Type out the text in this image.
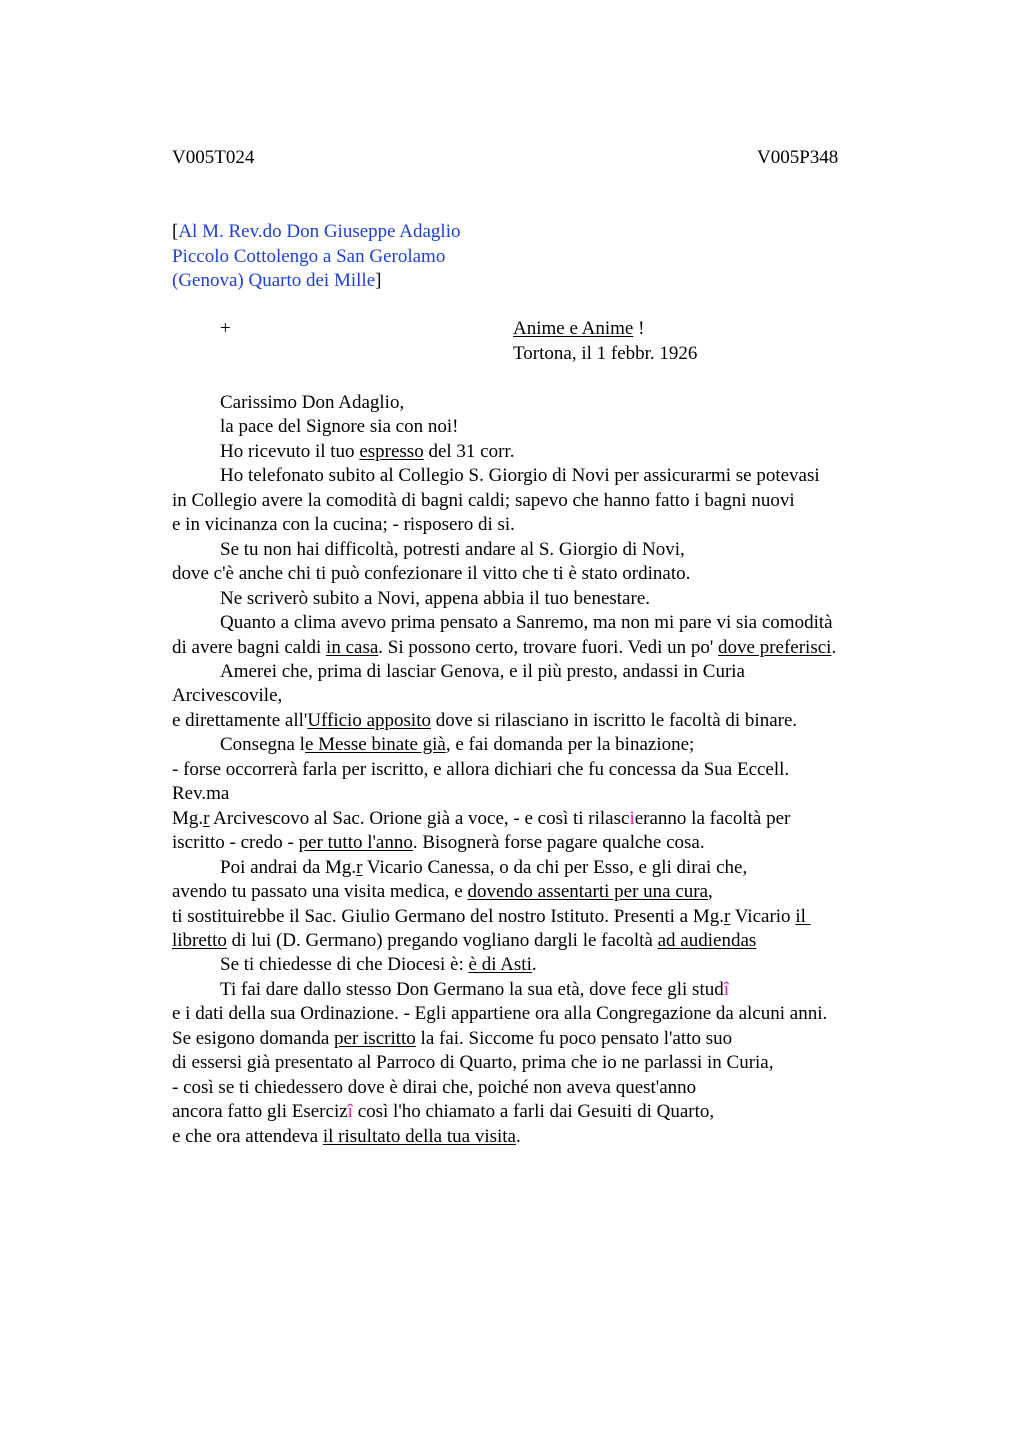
V005T024	V005P348
[Al M. Rev.do Don Giuseppe Adaglio
Piccolo Cottolengo a San Gerolamo
(Genova) Quarto dei Mille]
+	Anime e Anime !
Tortona, il 1 febbr. 1926
Carissimo Don Adaglio,
la pace del Signore sia con noi!
Ho ricevuto il tuo espresso del 31 corr.
Ho telefonato subito al Collegio S. Giorgio di Novi per assicurarmi se potevasi
in Collegio avere la comodità di bagni caldi; sapevo che hanno fatto i bagni nuovi
e in vicinanza con la cucina; - risposero di si.
Se tu non hai difficoltà, potresti andare al S. Giorgio di Novi,
dove c'è anche chi ti può confezionare il vitto che ti è stato ordinato.
Ne scriverò subito a Novi, appena abbia il tuo benestare.
Quanto a clima avevo prima pensato a Sanremo, ma non mi pare vi sia comodità
di avere bagni caldi in casa. Si possono certo, trovare fuori. Vedi un po' dove preferisci.
Amerei che, prima di lasciar Genova, e il più presto, andassi in Curia
Arcivescovile,
e direttamente all'Ufficio apposito dove si rilasciano in iscritto le facoltà di binare.
Consegna le Messe binate già, e fai domanda per la binazione;
- forse occorrerà farla per iscritto, e allora dichiari che fu concessa da Sua Eccell.
Rev.ma
Mg.r Arcivescovo al Sac. Orione già a voce, - e così ti rilascieranno la facoltà per
iscritto - credo - per tutto l'anno. Bisognerà forse pagare qualche cosa.
Poi andrai da Mg.r Vicario Canessa, o da chi per Esso, e gli dirai che,
avendo tu passato una visita medica, e dovendo assentarti per una cura,
ti sostituirebbe il Sac. Giulio Germano del nostro Istituto. Presenti a Mg.r Vicario il
libretto di lui (D. Germano) pregando vogliano dargli le facoltà ad audiendas
Se ti chiedesse di che Diocesi è: è di Asti.
Ti fai dare dallo stesso Don Germano la sua età, dove fece gli studî
e i dati della sua Ordinazione. - Egli appartiene ora alla Congregazione da alcuni anni.
Se esigono domanda per iscritto la fai. Siccome fu poco pensato l'atto suo
di essersi già presentato al Parroco di Quarto, prima che io ne parlassi in Curia,
- così se ti chiedessero dove è dirai che, poiché non aveva quest'anno
ancora fatto gli Esercizî così l'ho chiamato a farli dai Gesuiti di Quarto,
e che ora attendeva il risultato della tua visita.
